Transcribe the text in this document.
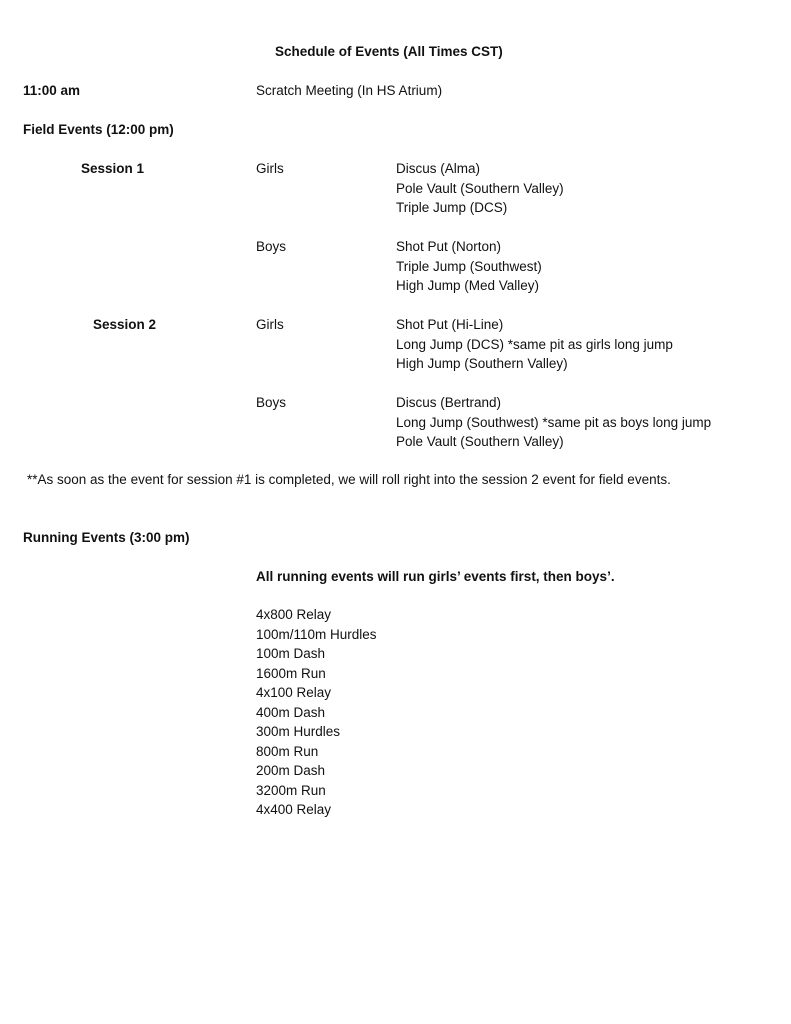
Schedule of Events (All Times CST)
11:00 am	Scratch Meeting (In HS Atrium)
Field Events (12:00 pm)
Session 1	Girls	Discus (Alma)
Pole Vault (Southern Valley)
Triple Jump (DCS)
Boys	Shot Put (Norton)
Triple Jump (Southwest)
High Jump (Med Valley)
Session 2	Girls	Shot Put (Hi-Line)
Long Jump (DCS) *same pit as girls long jump
High Jump (Southern Valley)
Boys	Discus (Bertrand)
Long Jump (Southwest) *same pit as boys long jump
Pole Vault (Southern Valley)
**As soon as the event for session #1 is completed, we will roll right into the session 2 event for field events.
Running Events (3:00 pm)
All running events will run girls’ events first, then boys’.
4x800 Relay
100m/110m Hurdles
100m Dash
1600m Run
4x100 Relay
400m Dash
300m Hurdles
800m Run
200m Dash
3200m Run
4x400 Relay
